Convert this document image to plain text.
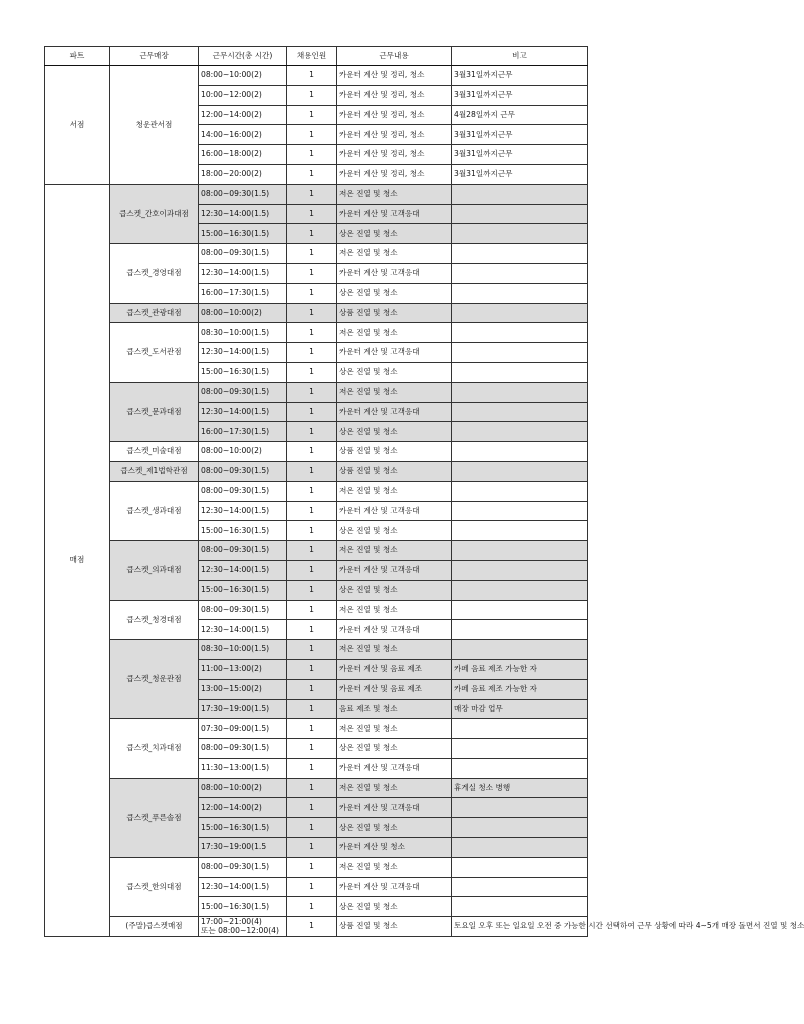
파트	근무매장	근무시간(총 시간)	채용인원	근무내용	비고
서점	청운관서점	08:00~10:00(2)	1	카운터 계산 및 정리, 청소	3월31일까지근무
		10:00~12:00(2)	1	카운터 계산 및 정리, 청소	3월31일까지근무
		12:00~14:00(2)	1	카운터 계산 및 정리, 청소	4월28일까지 근무
		14:00~16:00(2)	1	카운터 계산 및 정리, 청소	3월31일까지근무
		16:00~18:00(2)	1	카운터 계산 및 정리, 청소	3월31일까지근무
		18:00~20:00(2)	1	카운터 계산 및 정리, 청소	3월31일까지근무
매점	큽스켓_간호이과대점	08:00~09:30(1.5)	1	저온 진열 및 청소	
		12:30~14:00(1.5)	1	카운터 계산 및 고객응대	
		15:00~16:30(1.5)	1	상온 진열 및 청소	
	큽스켓_경영대점	08:00~09:30(1.5)	1	저온 진열 및 청소	
		12:30~14:00(1.5)	1	카운터 계산 및 고객응대	
		16:00~17:30(1.5)	1	상온 진열 및 청소	
	큽스켓_관광대점	08:00~10:00(2)	1	상품 진열 및 청소	
	큽스켓_도서관점	08:30~10:00(1.5)	1	저온 진열 및 청소	
		12:30~14:00(1.5)	1	카운터 계산 및 고객응대	
		15:00~16:30(1.5)	1	상온 진열 및 청소	
	큽스켓_문과대점	08:00~09:30(1.5)	1	저온 진열 및 청소	
		12:30~14:00(1.5)	1	카운터 계산 및 고객응대	
		16:00~17:30(1.5)	1	상온 진열 및 청소	
	큽스켓_미술대점	08:00~10:00(2)	1	상품 진열 및 청소	
	큽스켓_제1법학관점	08:00~09:30(1.5)	1	상품 진열 및 청소	
	큽스켓_생과대점	08:00~09:30(1.5)	1	저온 진열 및 청소	
		12:30~14:00(1.5)	1	카운터 계산 및 고객응대	
		15:00~16:30(1.5)	1	상온 진열 및 청소	
	큽스켓_의과대점	08:00~09:30(1.5)	1	저온 진열 및 청소	
		12:30~14:00(1.5)	1	카운터 계산 및 고객응대	
		15:00~16:30(1.5)	1	상온 진열 및 청소	
	큽스켓_청경대점	08:00~09:30(1.5)	1	저온 진열 및 청소	
		12:30~14:00(1.5)	1	카운터 계산 및 고객응대	
	큽스켓_청운관점	08:30~10:00(1.5)	1	저온 진열 및 청소	
		11:00~13:00(2)	1	카운터 계산 및 음료 제조	카페 음료 제조 가능한 자
		13:00~15:00(2)	1	카운터 계산 및 음료 제조	카페 음료 제조 가능한 자
		17:30~19:00(1.5)	1	음료 제조 및 청소	매장 마감 업무
	큽스켓_치과대점	07:30~09:00(1.5)	1	저온 진열 및 청소	
		08:00~09:30(1.5)	1	상온 진열 및 청소	
		11:30~13:00(1.5)	1	카운터 계산 및 고객응대	
	큽스켓_푸른솔점	08:00~10:00(2)	1	저온 진열 및 청소	휴게실 청소 병행
		12:00~14:00(2)	1	카운터 계산 및 고객응대	
		15:00~16:30(1.5)	1	상온 진열 및 청소	
		17:30~19:00(1.5	1	카운터 계산 및 청소	
	큽스켓_한의대점	08:00~09:30(1.5)	1	저온 진열 및 청소	
		12:30~14:00(1.5)	1	카운터 계산 및 고객응대	
		15:00~16:30(1.5)	1	상온 진열 및 청소	
	(주말)큽스켓매점	17:00~21:00(4)
또는 08:00~12:00(4)	1	상품 진열 및 청소	토요일 오후 또는 일요일 오전 중 가능한 시간 선택하여 근무 상황에 따라 4~5개 매장 돌면서 진열 및 청소
